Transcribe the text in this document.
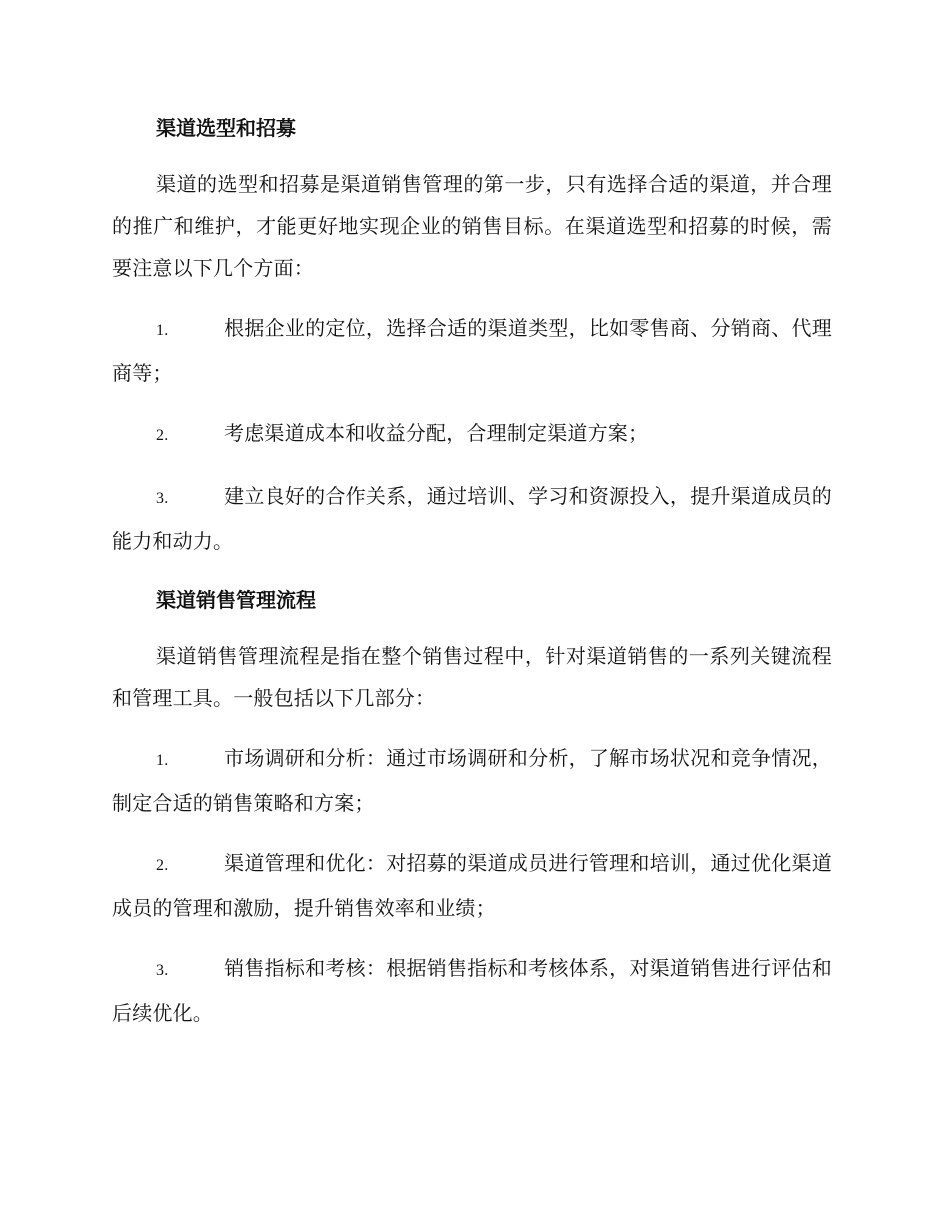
渠道选型和招募

渠道的选型和招募是渠道销售管理的第一步，只有选择合适的渠道，并合理的推广和维护，才能更好地实现企业的销售目标。在渠道选型和招募的时候，需要注意以下几个方面：

1.	根据企业的定位，选择合适的渠道类型，比如零售商、分销商、代理商等；

2.	考虑渠道成本和收益分配，合理制定渠道方案；

3.	建立良好的合作关系，通过培训、学习和资源投入，提升渠道成员的能力和动力。

渠道销售管理流程

渠道销售管理流程是指在整个销售过程中，针对渠道销售的一系列关键流程和管理工具。一般包括以下几部分：

1.	市场调研和分析：通过市场调研和分析，了解市场状况和竞争情况，制定合适的销售策略和方案；

2.	渠道管理和优化：对招募的渠道成员进行管理和培训，通过优化渠道成员的管理和激励，提升销售效率和业绩；

3.	销售指标和考核：根据销售指标和考核体系，对渠道销售进行评估和后续优化。
